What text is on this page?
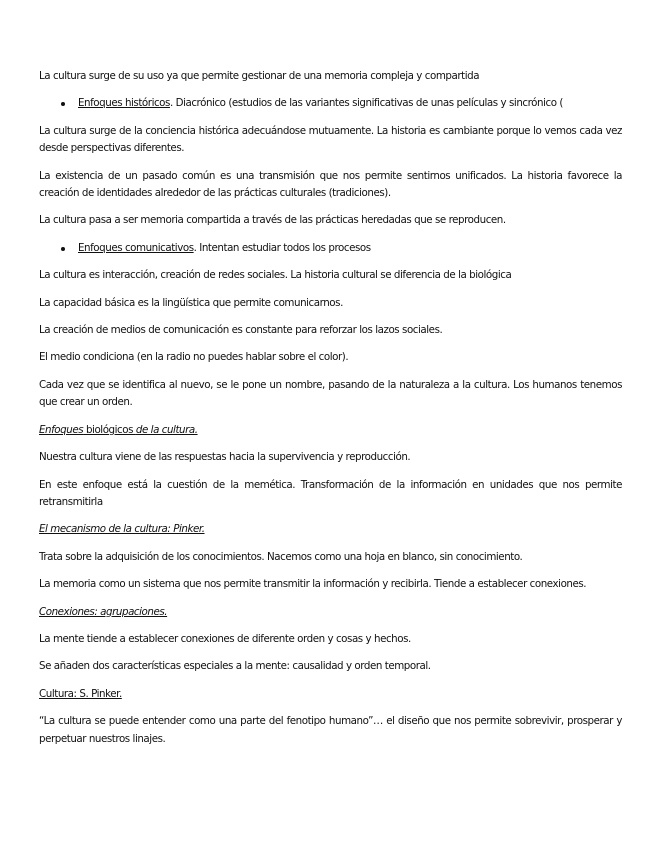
La cultura surge de su uso ya que permite gestionar de una memoria compleja y compartida

Enfoques históricos. Diacrónico (estudios de las variantes significativas de unas películas y sincrónico (

La cultura surge de la conciencia histórica adecuándose mutuamente. La historia es cambiante porque lo vemos cada vez desde perspectivas diferentes.

La existencia de un pasado común es una transmisión que nos permite sentirnos unificados. La historia favorece la creación de identidades alrededor de las prácticas culturales (tradiciones).

La cultura pasa a ser memoria compartida a través de las prácticas heredadas que se reproducen.

Enfoques comunicativos. Intentan estudiar todos los procesos

La cultura es interacción, creación de redes sociales. La historia cultural se diferencia de la biológica

La capacidad básica es la lingüística que permite comunicarnos.

La creación de medios de comunicación es constante para reforzar los lazos sociales.

El medio condiciona (en la radio no puedes hablar sobre el color).

Cada vez que se identifica al nuevo, se le pone un nombre, pasando de la naturaleza a la cultura. Los humanos tenemos que crear un orden.

Enfoques biológicos de la cultura.

Nuestra cultura viene de las respuestas hacia la supervivencia y reproducción.

En este enfoque está la cuestión de la memética. Transformación de la información en unidades que nos permite retransmitirla

El mecanismo de la cultura: Pinker.

Trata sobre la adquisición de los conocimientos. Nacemos como una hoja en blanco, sin conocimiento.

La memoria como un sistema que nos permite transmitir la información y recibirla. Tiende a establecer conexiones.

Conexiones: agrupaciones.

La mente tiende a establecer conexiones de diferente orden y cosas y hechos.

Se añaden dos características especiales a la mente: causalidad y orden temporal.

Cultura: S. Pinker.

“La cultura se puede entender como una parte del fenotipo humano”… el diseño que nos permite sobrevivir, prosperar y perpetuar nuestros linajes.
